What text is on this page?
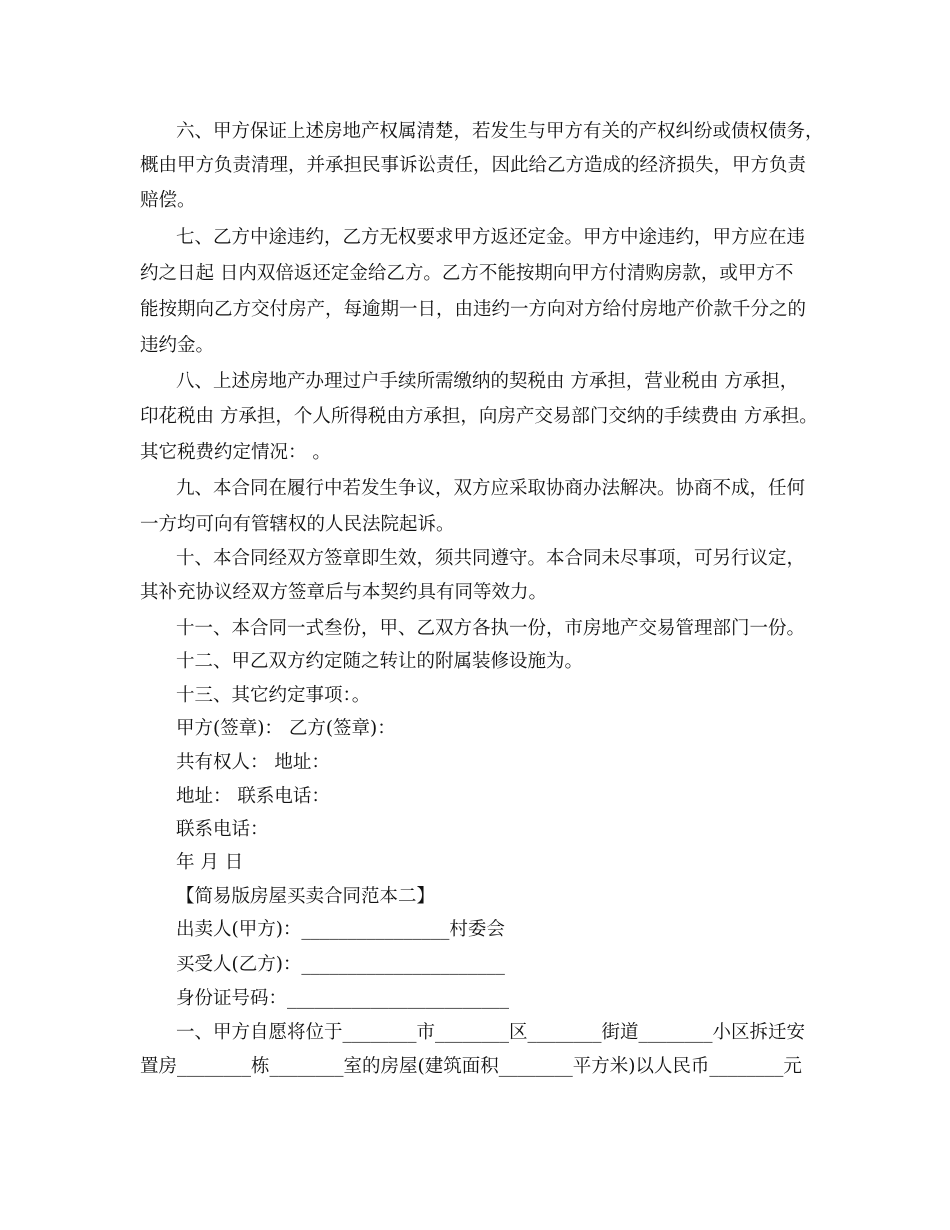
六、甲方保证上述房地产权属清楚，若发生与甲方有关的产权纠纷或债权债务，
概由甲方负责清理，并承担民事诉讼责任，因此给乙方造成的经济损失，甲方负责
赔偿。
七、乙方中途违约，乙方无权要求甲方返还定金。甲方中途违约，甲方应在违
约之日起 日内双倍返还定金给乙方。乙方不能按期向甲方付清购房款，或甲方不
能按期向乙方交付房产，每逾期一日，由违约一方向对方给付房地产价款千分之的
违约金。
八、上述房地产办理过户手续所需缴纳的契税由 方承担，营业税由 方承担，
印花税由 方承担，个人所得税由方承担，向房产交易部门交纳的手续费由 方承担。
其它税费约定情况： 。
九、本合同在履行中若发生争议，双方应采取协商办法解决。协商不成，任何
一方均可向有管辖权的人民法院起诉。
十、本合同经双方签章即生效，须共同遵守。本合同未尽事项，可另行议定，
其补充协议经双方签章后与本契约具有同等效力。
十一、本合同一式叁份，甲、乙双方各执一份，市房地产交易管理部门一份。
十二、甲乙双方约定随之转让的附属装修设施为。
十三、其它约定事项：。
甲方(签章)： 乙方(签章)：
共有权人： 地址：
地址： 联系电话：
联系电话：
年 月 日
【简易版房屋买卖合同范本二】
出卖人(甲方)：________________村委会
买受人(乙方)：______________________
身份证号码：________________________
一、甲方自愿将位于________市________区________街道________小区拆迁安
置房________栋________室的房屋(建筑面积________平方米)以人民币________元
